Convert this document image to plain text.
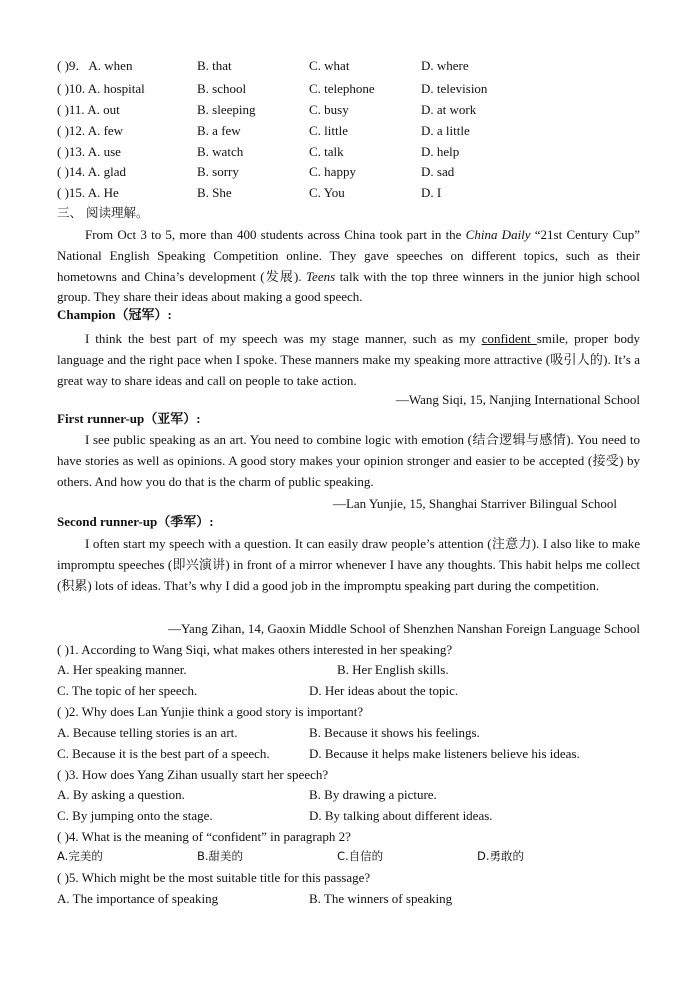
( )9．A. when	B. that	C. what	D. where
( )10. A. hospital	B. school	C. telephone	D. television
( )11. A. out	B. sleeping	C. busy	D. at work
( )12. A. few	B. a few	C. little	D. a little
( )13. A. use	B. watch	C. talk	D. help
( )14. A. glad	B. sorry	C. happy	D. sad
( )15. A. He	B. She	C. You	D. I
三、 阅读理解。
From Oct 3 to 5, more than 400 students across China took part in the China Daily “21st Century Cup” National English Speaking Competition online. They gave speeches on different topics, such as their hometowns and China’s development (发展). Teens talk with the top three winners in the junior high school group. They share their ideas about making a good speech.
Champion（冠军）:
I think the best part of my speech was my stage manner, such as my confident smile, proper body language and the right pace when I spoke. These manners make my speaking more attractive (吸引人的). It’s a great way to share ideas and call on people to take action.
—Wang Siqi, 15, Nanjing International School
First runner-up（亚军）:
I see public speaking as an art. You need to combine logic with emotion (结合逻辑与感情). You need to have stories as well as opinions. A good story makes your opinion stronger and easier to be accepted (接受) by others. And how you do that is the charm of public speaking.
—Lan Yunjie, 15, Shanghai Starriver Bilingual School
Second runner-up（季军）:
I often start my speech with a question. It can easily draw people’s attention (注意力). I also like to make impromptu speeches (即兴演讲) in front of a mirror whenever I have any thoughts. This habit helps me collect (积累) lots of ideas. That’s why I did a good job in the impromptu speaking part during the competition.
—Yang Zihan, 14, Gaoxin Middle School of Shenzhen Nanshan Foreign Language School
( )1. According to Wang Siqi, what makes others interested in her speaking?
A. Her speaking manner.	B. Her English skills.
C. The topic of her speech.	D. Her ideas about the topic.
( )2. Why does Lan Yunjie think a good story is important?
A. Because telling stories is an art.	B. Because it shows his feelings.
C. Because it is the best part of a speech.	D. Because it helps make listeners believe his ideas.
( )3. How does Yang Zihan usually start her speech?
A. By asking a question.	B. By drawing a picture.
C. By jumping onto the stage.	D. By talking about different ideas.
( )4. What is the meaning of “confident” in paragraph 2?
A.完美的	B.甜美的	C.自信的	D.勇敢的
( )5. Which might be the most suitable title for this passage?
A. The importance of speaking	B. The winners of speaking
